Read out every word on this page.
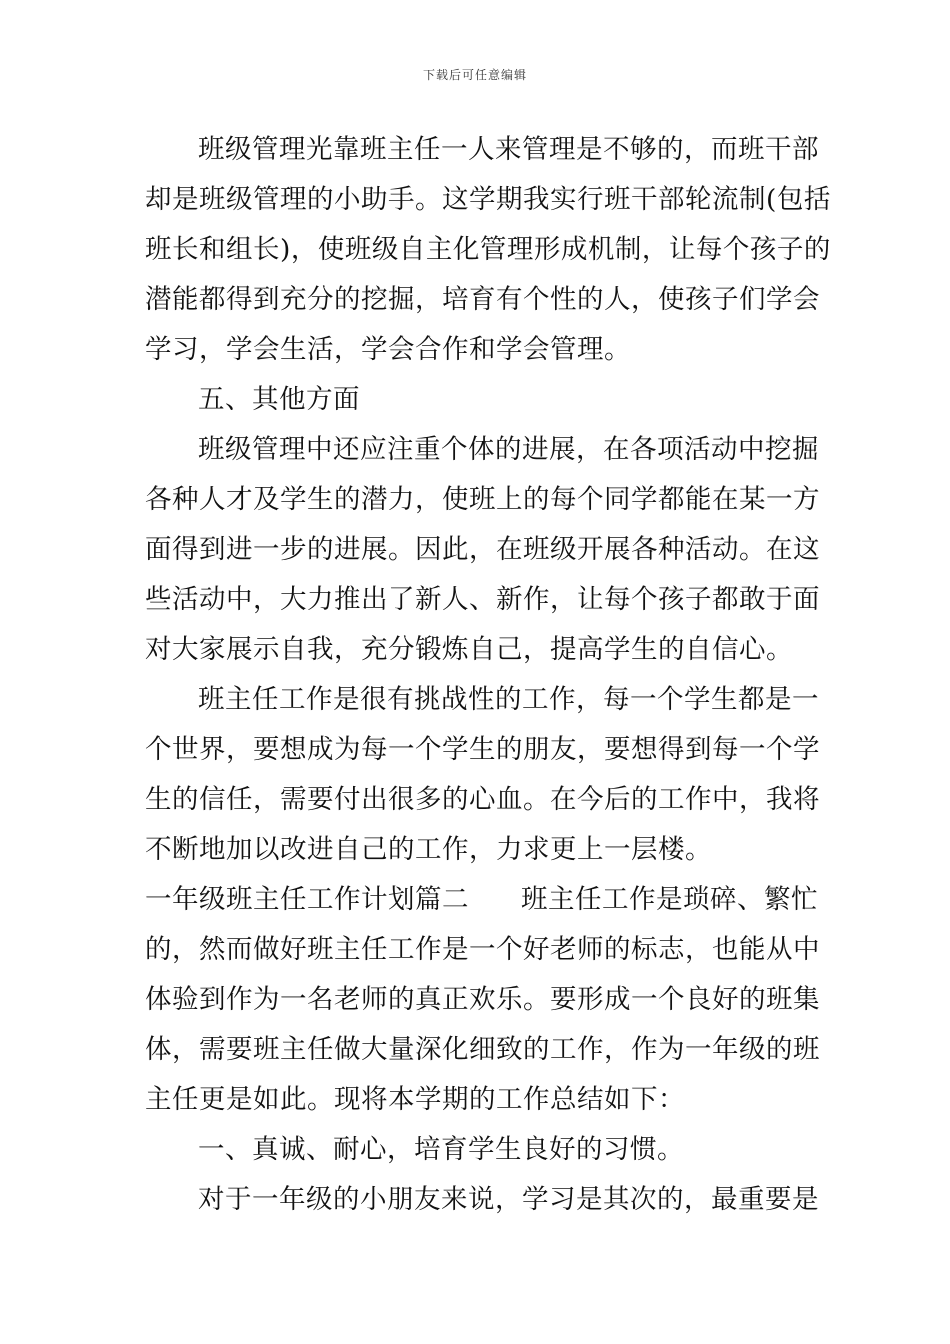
下载后可任意编辑
班级管理光靠班主任一人来管理是不够的，而班干部
却是班级管理的小助手。这学期我实行班干部轮流制(包括
班长和组长)，使班级自主化管理形成机制，让每个孩子的
潜能都得到充分的挖掘，培育有个性的人，使孩子们学会
学习，学会生活，学会合作和学会管理。
五、其他方面
班级管理中还应注重个体的进展，在各项活动中挖掘
各种人才及学生的潜力，使班上的每个同学都能在某一方
面得到进一步的进展。因此，在班级开展各种活动。在这
些活动中，大力推出了新人、新作，让每个孩子都敢于面
对大家展示自我，充分锻炼自己，提高学生的自信心。
班主任工作是很有挑战性的工作，每一个学生都是一
个世界，要想成为每一个学生的朋友，要想得到每一个学
生的信任，需要付出很多的心血。在今后的工作中，我将
不断地加以改进自己的工作，力求更上一层楼。
一年级班主任工作计划篇二 班主任工作是琐碎、繁忙
的，然而做好班主任工作是一个好老师的标志，也能从中
体验到作为一名老师的真正欢乐。要形成一个良好的班集
体，需要班主任做大量深化细致的工作，作为一年级的班
主任更是如此。现将本学期的工作总结如下：
一、真诚、耐心，培育学生良好的习惯。
对于一年级的小朋友来说，学习是其次的，最重要是
